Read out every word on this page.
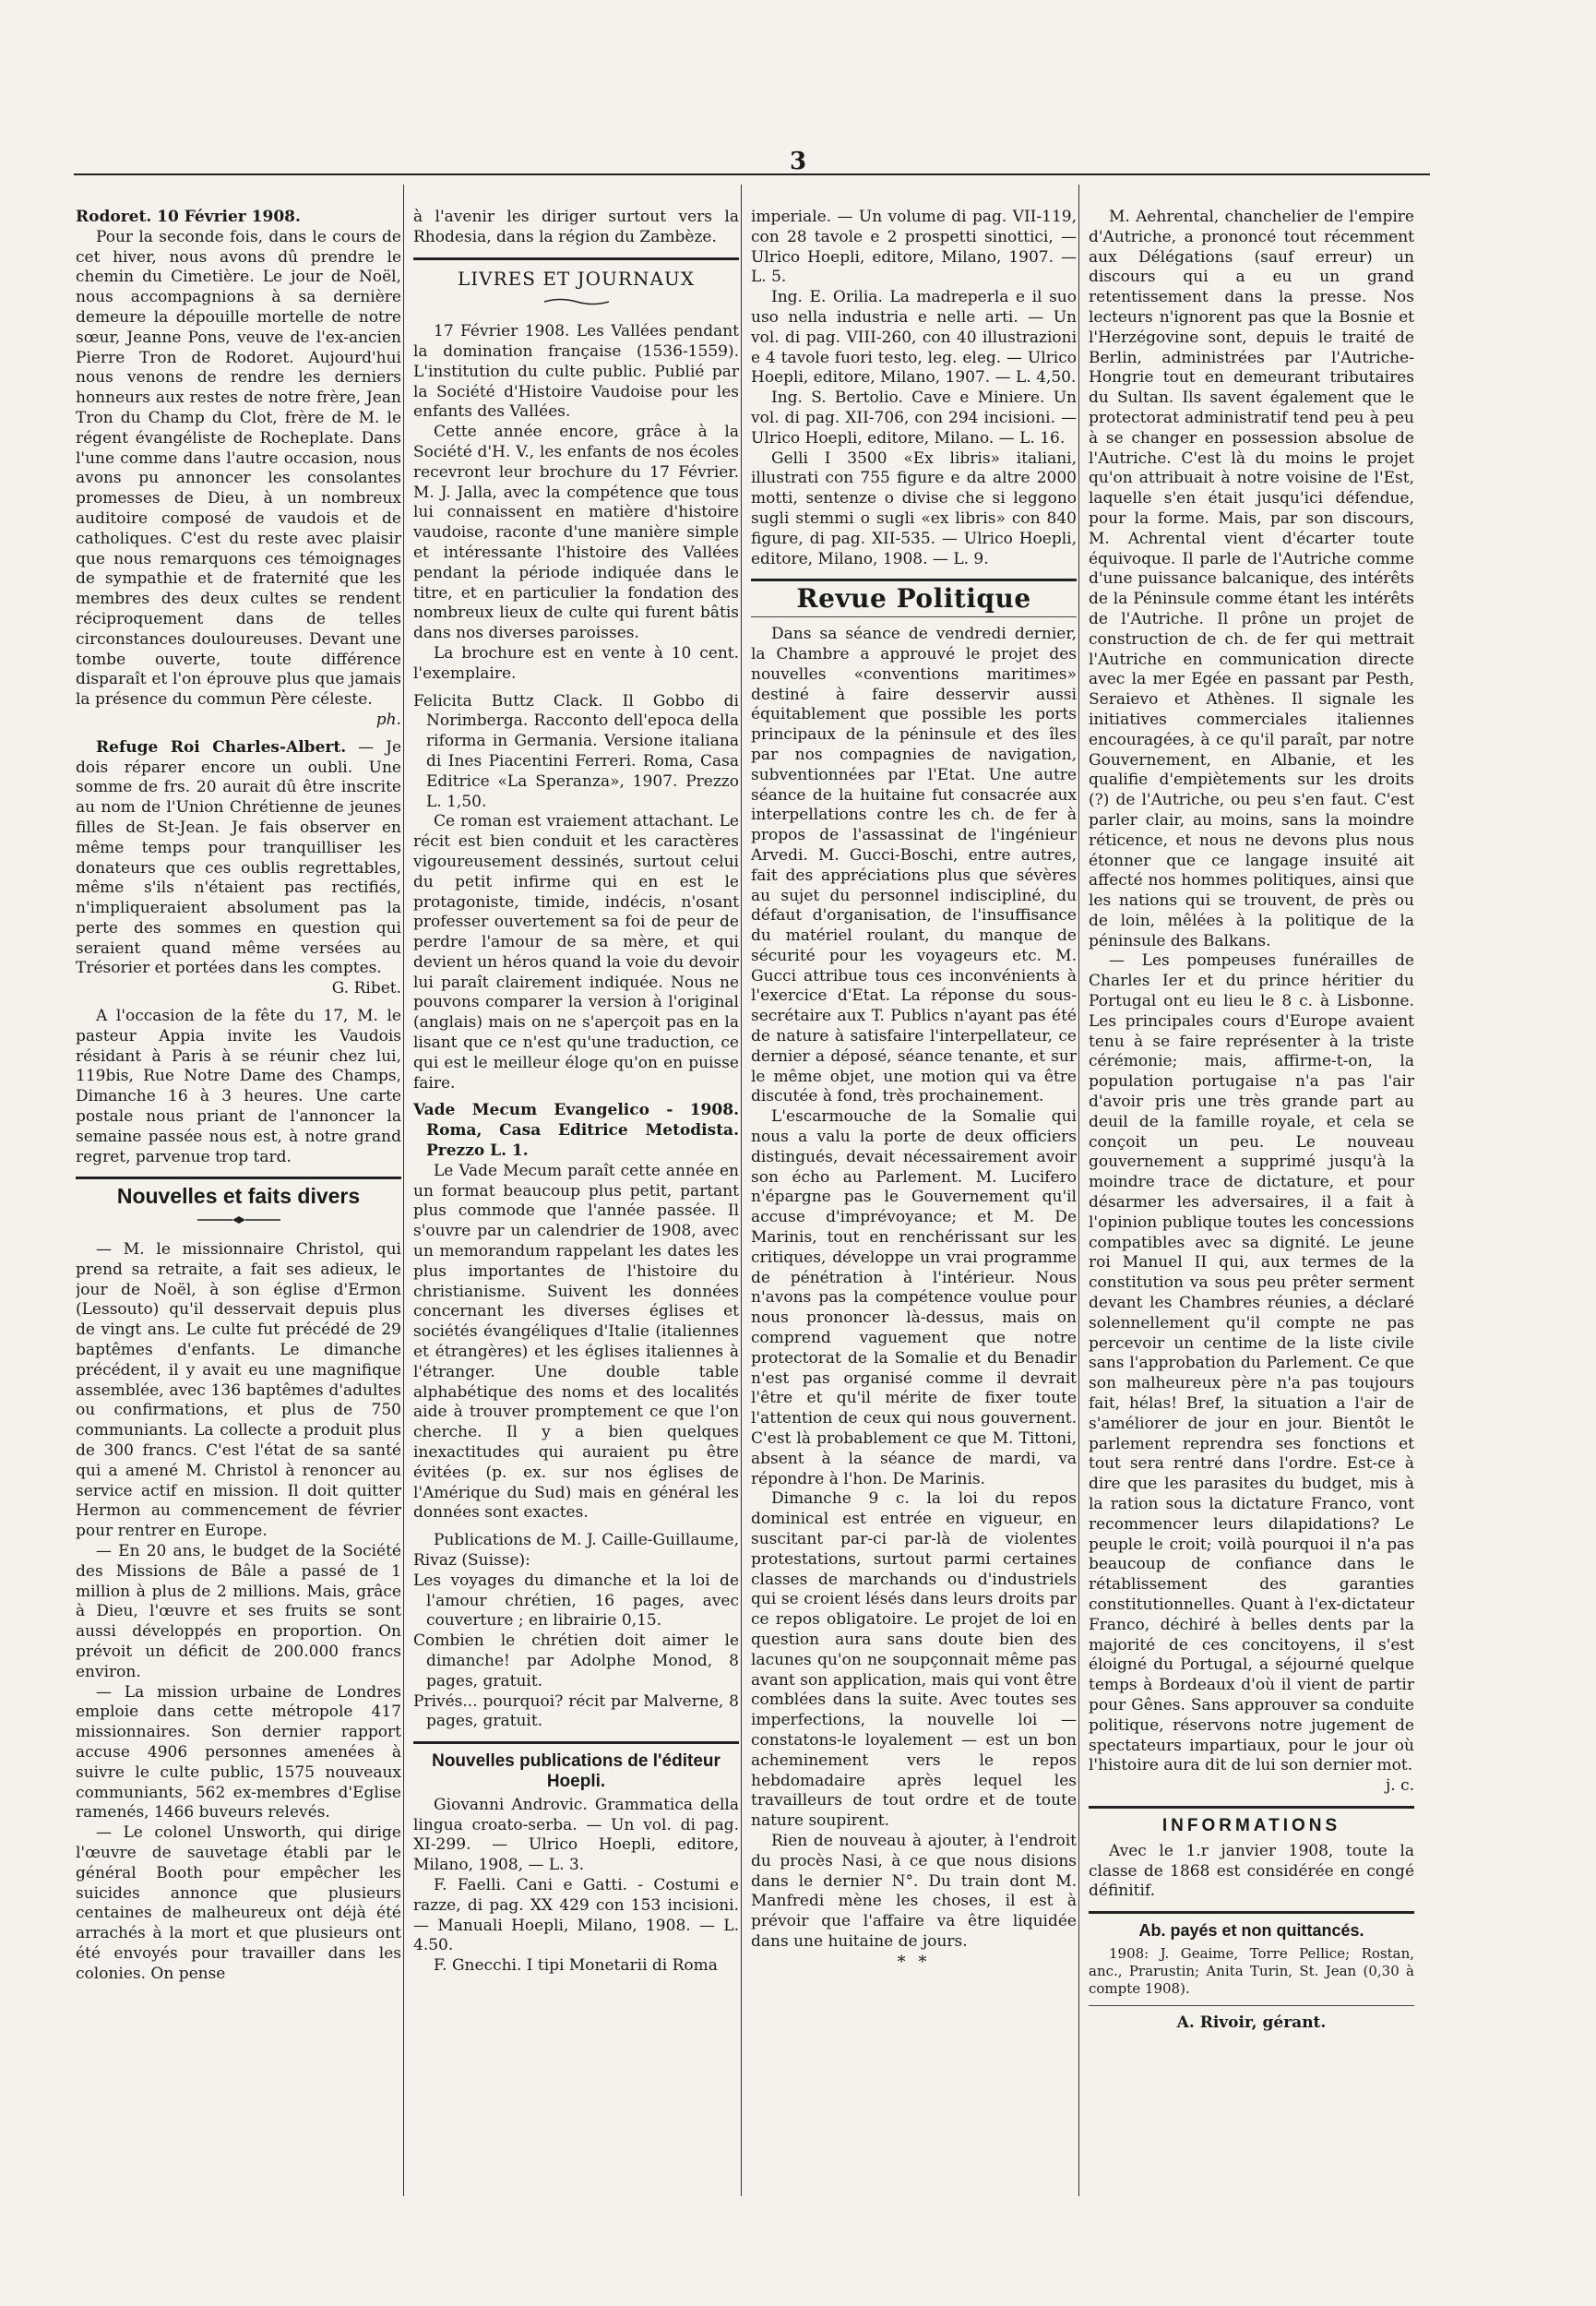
3

Rodoret. 10 Février 1908.

Pour la seconde fois, dans le cours de cet hiver, nous avons dû prendre le chemin du Cimetière. Le jour de Noël, nous accompagnions à sa dernière demeure la dépouille mortelle de notre sœur, Jeanne Pons, veuve de l'ex-ancien Pierre Tron de Rodoret. Aujourd'hui nous venons de rendre les derniers honneurs aux restes de notre frère, Jean Tron du Champ du Clot, frère de M. le régent évangéliste de Rocheplate. Dans l'une comme dans l'autre occasion, nous avons pu annoncer les consolantes promesses de Dieu, à un nombreux auditoire composé de vaudois et de catholiques. C'est du reste avec plaisir que nous remarquons ces témoignages de sympathie et de fraternité que les membres des deux cultes se rendent réciproquement dans de telles circonstances douloureuses. Devant une tombe ouverte, toute différence disparaît et l'on éprouve plus que jamais la présence du commun Père céleste.

ph.

Refuge Roi Charles-Albert. — Je dois réparer encore un oubli. Une somme de frs. 20 aurait dû être inscrite au nom de l'Union Chrétienne de jeunes filles de St-Jean. Je fais observer en même temps pour tranquilliser les donateurs que ces oublis regrettables, même s'ils n'étaient pas rectifiés, n'impliqueraient absolument pas la perte des sommes en question qui seraient quand même versées au Trésorier et portées dans les comptes.

G. Ribet.

A l'occasion de la fête du 17, M. le pasteur Appia invite les Vaudois résidant à Paris à se réunir chez lui, 119bis, Rue Notre Dame des Champs, Dimanche 16 à 3 heures. Une carte postale nous priant de l'annoncer la semaine passée nous est, à notre grand regret, parvenue trop tard.

Nouvelles et faits divers

— M. le missionnaire Christol, qui prend sa retraite, a fait ses adieux, le jour de Noël, à son église d'Ermon (Lessouto) qu'il desservait depuis plus de vingt ans. Le culte fut précédé de 29 baptêmes d'enfants. Le dimanche précédent, il y avait eu une magnifique assemblée, avec 136 baptêmes d'adultes ou confirmations, et plus de 750 communiants. La collecte a produit plus de 300 francs. C'est l'état de sa santé qui a amené M. Christol à renoncer au service actif en mission. Il doit quitter Hermon au commencement de février pour rentrer en Europe.

— En 20 ans, le budget de la Société des Missions de Bâle a passé de 1 million à plus de 2 millions. Mais, grâce à Dieu, l'œuvre et ses fruits se sont aussi développés en proportion. On prévoit un déficit de 200.000 francs environ.

— La mission urbaine de Londres emploie dans cette métropole 417 missionnaires. Son dernier rapport accuse 4906 personnes amenées à suivre le culte public, 1575 nouveaux communiants, 562 ex-membres d'Eglise ramenés, 1466 buveurs relevés.

— Le colonel Unsworth, qui dirige l'œuvre de sauvetage établi par le général Booth pour empêcher les suicides annonce que plusieurs centaines de malheureux ont déjà été arrachés à la mort et que plusieurs ont été envoyés pour travailler dans les colonies. On pense

à l'avenir les diriger surtout vers la Rhodesia, dans la région du Zambèze.

LIVRES ET JOURNAUX

17 Février 1908. Les Vallées pendant la domination française (1536-1559). L'institution du culte public. Publié par la Société d'Histoire Vaudoise pour les enfants des Vallées.

Cette année encore, grâce à la Société d'H. V., les enfants de nos écoles recevront leur brochure du 17 Février. M. J. Jalla, avec la compétence que tous lui connaissent en matière d'histoire vaudoise, raconte d'une manière simple et intéressante l'histoire des Vallées pendant la période indiquée dans le titre, et en particulier la fondation des nombreux lieux de culte qui furent bâtis dans nos diverses paroisses.

La brochure est en vente à 10 cent. l'exemplaire.

Felicita Buttz Clack. Il Gobbo di Norimberga. Racconto dell'epoca della riforma in Germania. Versione italiana di Ines Piacentini Ferreri. Roma, Casa Editrice «La Speranza», 1907. Prezzo L. 1,50.

Ce roman est vraiement attachant. Le récit est bien conduit et les caractères vigoureusement dessinés, surtout celui du petit infirme qui en est le protagoniste, timide, indécis, n'osant professer ouvertement sa foi de peur de perdre l'amour de sa mère, et qui devient un héros quand la voie du devoir lui paraît clairement indiquée. Nous ne pouvons comparer la version à l'original (anglais) mais on ne s'aperçoit pas en la lisant que ce n'est qu'une traduction, ce qui est le meilleur éloge qu'on en puisse faire.

Vade Mecum Evangelico - 1908. Roma, Casa Editrice Metodista. Prezzo L. 1.

Le Vade Mecum paraît cette année en un format beaucoup plus petit, partant plus commode que l'année passée. Il s'ouvre par un calendrier de 1908, avec un memorandum rappelant les dates les plus importantes de l'histoire du christianisme. Suivent les données concernant les diverses églises et sociétés évangéliques d'Italie (italiennes et étrangères) et les églises italiennes à l'étranger. Une double table alphabétique des noms et des localités aide à trouver promptement ce que l'on cherche. Il y a bien quelques inexactitudes qui auraient pu être évitées (p. ex. sur nos églises de l'Amérique du Sud) mais en général les données sont exactes.

Publications de M. J. Caille-Guillaume, Rivaz (Suisse):

Les voyages du dimanche et la loi de l'amour chrétien, 16 pages, avec couverture ; en librairie 0,15.

Combien le chrétien doit aimer le dimanche! par Adolphe Monod, 8 pages, gratuit.

Privés... pourquoi? récit par Malverne, 8 pages, gratuit.

Nouvelles publications de l'éditeur Hoepli.

Giovanni Androvic. Grammatica della lingua croato-serba. — Un vol. di pag. XI-299. — Ulrico Hoepli, editore, Milano, 1908, — L. 3.

F. Faelli. Cani e Gatti. - Costumi e razze, di pag. XX 429 con 153 incisioni. — Manuali Hoepli, Milano, 1908. — L. 4.50.

F. Gnecchi. I tipi Monetarii di Roma

imperiale. — Un volume di pag. VII-119, con 28 tavole e 2 prospetti sinottici, — Ulrico Hoepli, editore, Milano, 1907. — L. 5.

Ing. E. Orilia. La madreperla e il suo uso nella industria e nelle arti. — Un vol. di pag. VIII-260, con 40 illustrazioni e 4 tavole fuori testo, leg. eleg. — Ulrico Hoepli, editore, Milano, 1907. — L. 4,50.

Ing. S. Bertolio. Cave e Miniere. Un vol. di pag. XII-706, con 294 incisioni. — Ulrico Hoepli, editore, Milano. — L. 16.

Gelli I 3500 «Ex libris» italiani, illustrati con 755 figure e da altre 2000 motti, sentenze o divise che si leggono sugli stemmi o sugli «ex libris» con 840 figure, di pag. XII-535. — Ulrico Hoepli, editore, Milano, 1908. — L. 9.

Revue Politique

Dans sa séance de vendredi dernier, la Chambre a approuvé le projet des nouvelles «conventions maritimes» destiné à faire desservir aussi équitablement que possible les ports principaux de la péninsule et des îles par nos compagnies de navigation, subventionnées par l'Etat. Une autre séance de la huitaine fut consacrée aux interpellations contre les ch. de fer à propos de l'assassinat de l'ingénieur Arvedi. M. Gucci-Boschi, entre autres, fait des appréciations plus que sévères au sujet du personnel indiscipliné, du défaut d'organisation, de l'insuffisance du matériel roulant, du manque de sécurité pour les voyageurs etc. M. Gucci attribue tous ces inconvénients à l'exercice d'Etat. La réponse du sous-secrétaire aux T. Publics n'ayant pas été de nature à satisfaire l'interpellateur, ce dernier a déposé, séance tenante, et sur le même objet, une motion qui va être discutée à fond, très prochainement.

L'escarmouche de la Somalie qui nous a valu la porte de deux officiers distingués, devait nécessairement avoir son écho au Parlement. M. Lucifero n'épargne pas le Gouvernement qu'il accuse d'imprévoyance; et M. De Marinis, tout en renchérissant sur les critiques, développe un vrai programme de pénétration à l'intérieur. Nous n'avons pas la compétence voulue pour nous prononcer là-dessus, mais on comprend vaguement que notre protectorat de la Somalie et du Benadir n'est pas organisé comme il devrait l'être et qu'il mérite de fixer toute l'attention de ceux qui nous gouvernent. C'est là probablement ce que M. Tittoni, absent à la séance de mardi, va répondre à l'hon. De Marinis.

Dimanche 9 c. la loi du repos dominical est entrée en vigueur, en suscitant par-ci par-là de violentes protestations, surtout parmi certaines classes de marchands ou d'industriels qui se croient lésés dans leurs droits par ce repos obligatoire. Le projet de loi en question aura sans doute bien des lacunes qu'on ne soupçonnait même pas avant son application, mais qui vont être comblées dans la suite. Avec toutes ses imperfections, la nouvelle loi — constatons-le loyalement — est un bon acheminement vers le repos hebdomadaire après lequel les travailleurs de tout ordre et de toute nature soupirent.

Rien de nouveau à ajouter, à l'endroit du procès Nasi, à ce que nous disions dans le dernier N°. Du train dont M. Manfredi mène les choses, il est à prévoir que l'affaire va être liquidée dans une huitaine de jours.

* *

M. Aehrental, chanchelier de l'empire d'Autriche, a prononcé tout récemment aux Délégations (sauf erreur) un discours qui a eu un grand retentissement dans la presse. Nos lecteurs n'ignorent pas que la Bosnie et l'Herzégovine sont, depuis le traité de Berlin, administrées par l'Autriche-Hongrie tout en demeurant tributaires du Sultan. Ils savent également que le protectorat administratif tend peu à peu à se changer en possession absolue de l'Autriche. C'est là du moins le projet qu'on attribuait à notre voisine de l'Est, laquelle s'en était jusqu'ici défendue, pour la forme. Mais, par son discours, M. Achrental vient d'écarter toute équivoque. Il parle de l'Autriche comme d'une puissance balcanique, des intérêts de la Péninsule comme étant les intérêts de l'Autriche. Il prône un projet de construction de ch. de fer qui mettrait l'Autriche en communication directe avec la mer Egée en passant par Pesth, Seraievo et Athènes. Il signale les initiatives commerciales italiennes encouragées, à ce qu'il paraît, par notre Gouvernement, en Albanie, et les qualifie d'empiètements sur les droits (?) de l'Autriche, ou peu s'en faut. C'est parler clair, au moins, sans la moindre réticence, et nous ne devons plus nous étonner que ce langage insuité ait affecté nos hommes politiques, ainsi que les nations qui se trouvent, de près ou de loin, mêlées à la politique de la péninsule des Balkans.

— Les pompeuses funérailles de Charles Ier et du prince héritier du Portugal ont eu lieu le 8 c. à Lisbonne. Les principales cours d'Europe avaient tenu à se faire représenter à la triste cérémonie; mais, affirme-t-on, la population portugaise n'a pas l'air d'avoir pris une très grande part au deuil de la famille royale, et cela se conçoit un peu. Le nouveau gouvernement a supprimé jusqu'à la moindre trace de dictature, et pour désarmer les adversaires, il a fait à l'opinion publique toutes les concessions compatibles avec sa dignité. Le jeune roi Manuel II qui, aux termes de la constitution va sous peu prêter serment devant les Chambres réunies, a déclaré solennellement qu'il compte ne pas percevoir un centime de la liste civile sans l'approbation du Parlement. Ce que son malheureux père n'a pas toujours fait, hélas! Bref, la situation a l'air de s'améliorer de jour en jour. Bientôt le parlement reprendra ses fonctions et tout sera rentré dans l'ordre. Est-ce à dire que les parasites du budget, mis à la ration sous la dictature Franco, vont recommencer leurs dilapidations? Le peuple le croit; voilà pourquoi il n'a pas beaucoup de confiance dans le rétablissement des garanties constitutionnelles. Quant à l'ex-dictateur Franco, déchiré à belles dents par la majorité de ces concitoyens, il s'est éloigné du Portugal, a séjourné quelque temps à Bordeaux d'où il vient de partir pour Gênes. Sans approuver sa conduite politique, réservons notre jugement de spectateurs impartiaux, pour le jour où l'histoire aura dit de lui son dernier mot.

j. c.

INFORMATIONS

Avec le 1.r janvier 1908, toute la classe de 1868 est considérée en congé définitif.

Ab. payés et non quittancés.

1908: J. Geaime, Torre Pellice; Rostan, anc., Prarustin; Anita Turin, St. Jean (0,30 à compte 1908).

A. Rivoir, gérant.
